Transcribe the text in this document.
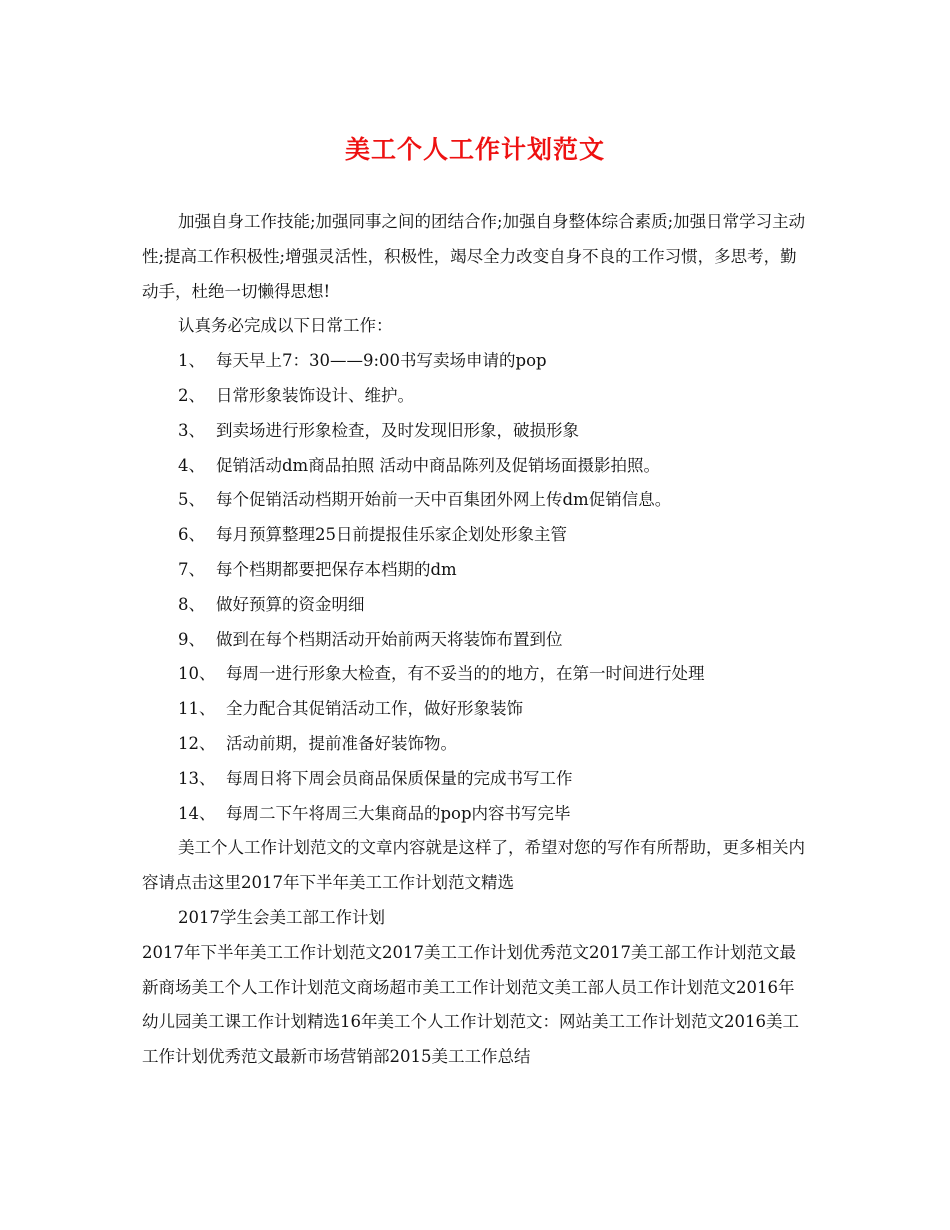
美工个人工作计划范文

加强自身工作技能;加强同事之间的团结合作;加强自身整体综合素质;加强日常学习主动性;提高工作积极性;增强灵活性，积极性，竭尽全力改变自身不良的工作习惯，多思考，勤动手，杜绝一切懒得思想!

认真务必完成以下日常工作：

1、 每天早上7：30——9:00书写卖场申请的pop
2、 日常形象装饰设计、维护。
3、 到卖场进行形象检查，及时发现旧形象，破损形象
4、 促销活动dm商品拍照 活动中商品陈列及促销场面摄影拍照。
5、 每个促销活动档期开始前一天中百集团外网上传dm促销信息。
6、 每月预算整理25日前提报佳乐家企划处形象主管
7、 每个档期都要把保存本档期的dm
8、 做好预算的资金明细
9、 做到在每个档期活动开始前两天将装饰布置到位
10、 每周一进行形象大检查，有不妥当的的地方，在第一时间进行处理
11、 全力配合其促销活动工作，做好形象装饰
12、 活动前期，提前准备好装饰物。
13、 每周日将下周会员商品保质保量的完成书写工作
14、 每周二下午将周三大集商品的pop内容书写完毕

美工个人工作计划范文的文章内容就是这样了，希望对您的写作有所帮助，更多相关内容请点击这里2017年下半年美工工作计划范文精选

2017学生会美工部工作计划

2017年下半年美工工作计划范文2017美工工作计划优秀范文2017美工部工作计划范文最新商场美工个人工作计划范文商场超市美工工作计划范文美工部人员工作计划范文2016年幼儿园美工课工作计划精选16年美工个人工作计划范文：网站美工工作计划范文2016美工工作计划优秀范文最新市场营销部2015美工工作总结
